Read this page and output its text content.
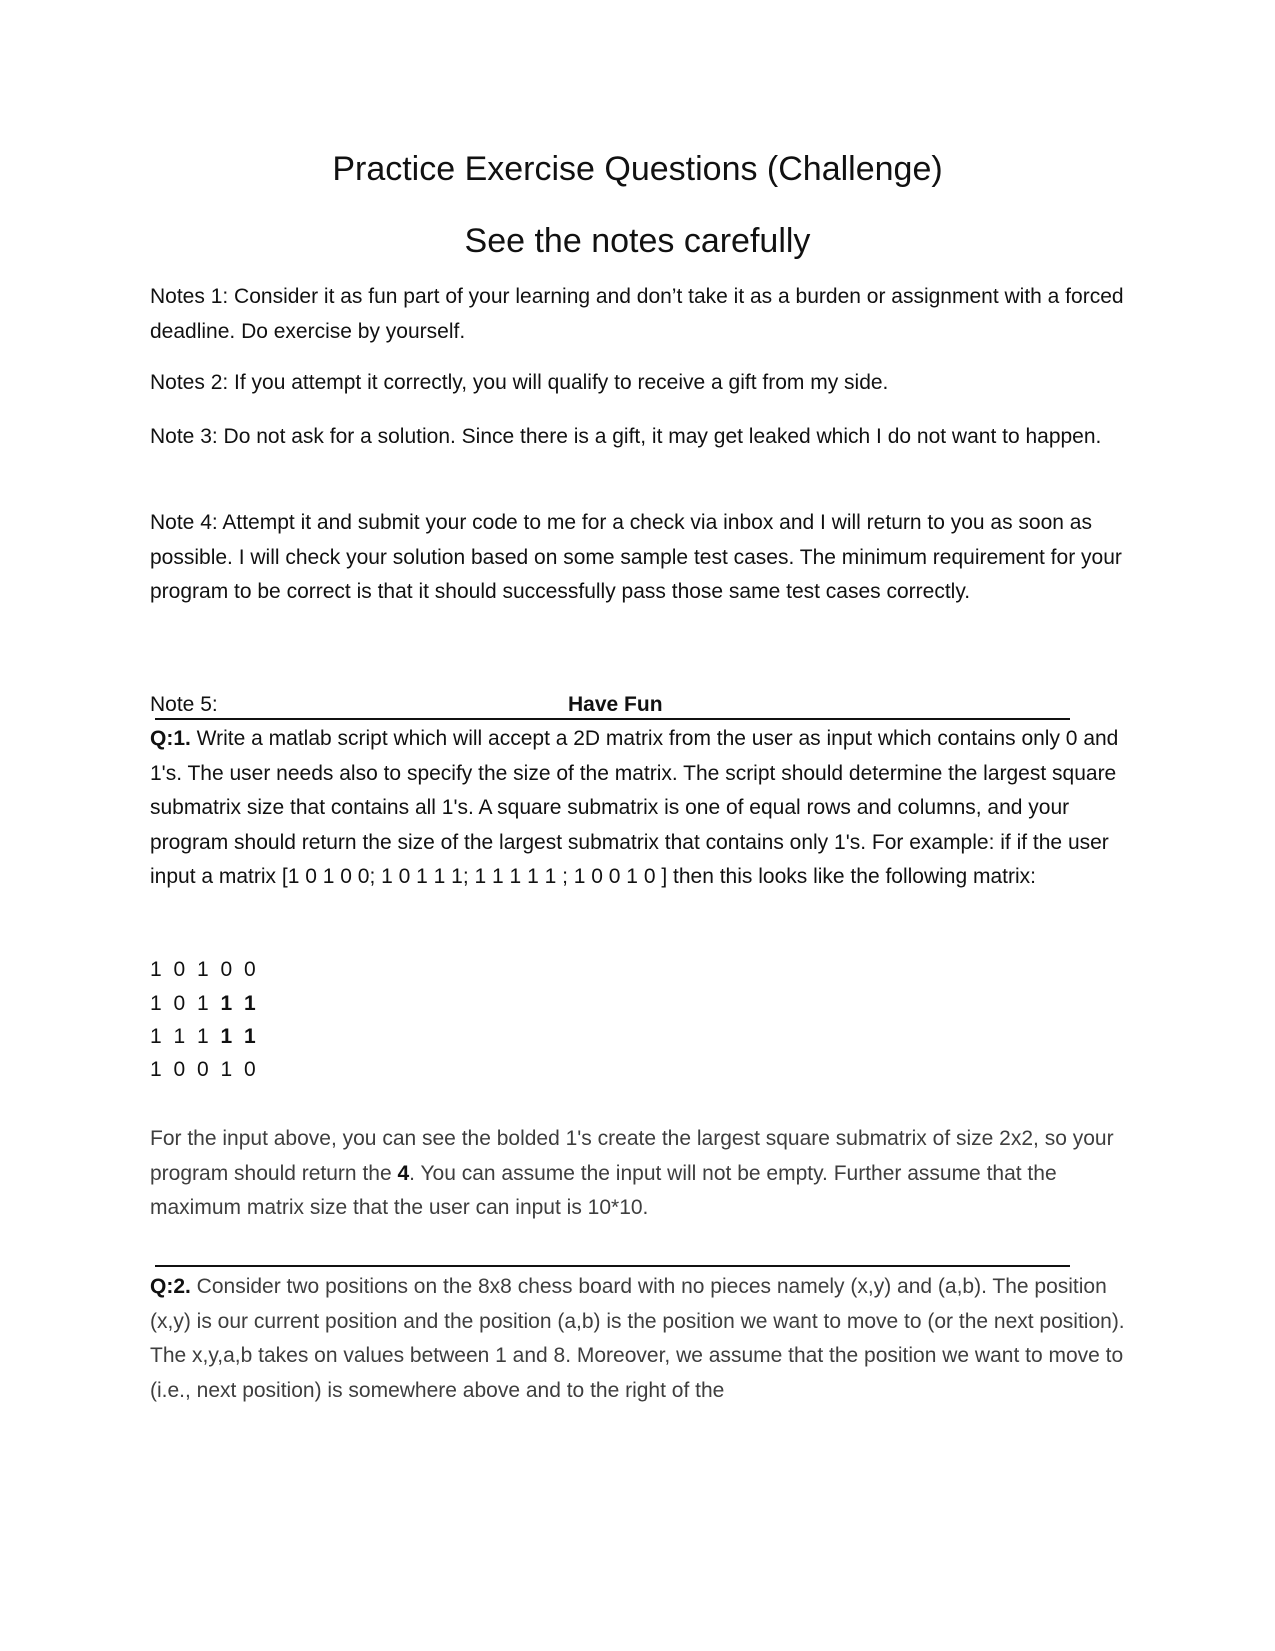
Practice Exercise Questions (Challenge)
See the notes carefully
Notes 1: Consider it as fun part of your learning and don’t take it as a burden or assignment with a forced deadline. Do exercise by yourself.
Notes 2: If you attempt it correctly, you will qualify to receive a gift from my side.
Note 3: Do not ask for a solution. Since there is a gift, it may get leaked which I do not want to happen.
Note 4: Attempt it and submit your code to me for a check via inbox and I will return to you as soon as possible. I will check your solution based on some sample test cases. The minimum requirement for your program to be correct is that it should successfully pass those same test cases correctly.
Note 5:	Have Fun
Q:1. Write a matlab script which will accept a 2D matrix from the user as input which contains only 0 and 1's. The user needs also to specify the size of the matrix. The script should determine the largest square submatrix size that contains all 1's. A square submatrix is one of equal rows and columns, and your program should return the size of the largest submatrix that contains only 1's. For example: if if the user input a matrix [1 0 1 0 0; 1 0 1 1 1; 1 1 1 1 1 ; 1 0 0 1 0 ] then this looks like the following matrix:
1 0 1 0 0
1 0 1 1 1
1 1 1 1 1
1 0 0 1 0
For the input above, you can see the bolded 1's create the largest square submatrix of size 2x2, so your program should return the 4. You can assume the input will not be empty. Further assume that the maximum matrix size that the user can input is 10*10.
Q:2. Consider two positions on the 8x8 chess board with no pieces namely (x,y) and (a,b). The position (x,y) is our current position and the position (a,b) is the position we want to move to (or the next position). The x,y,a,b takes on values between 1 and 8. Moreover, we assume that the position we want to move to (i.e., next position) is somewhere above and to the right of the
